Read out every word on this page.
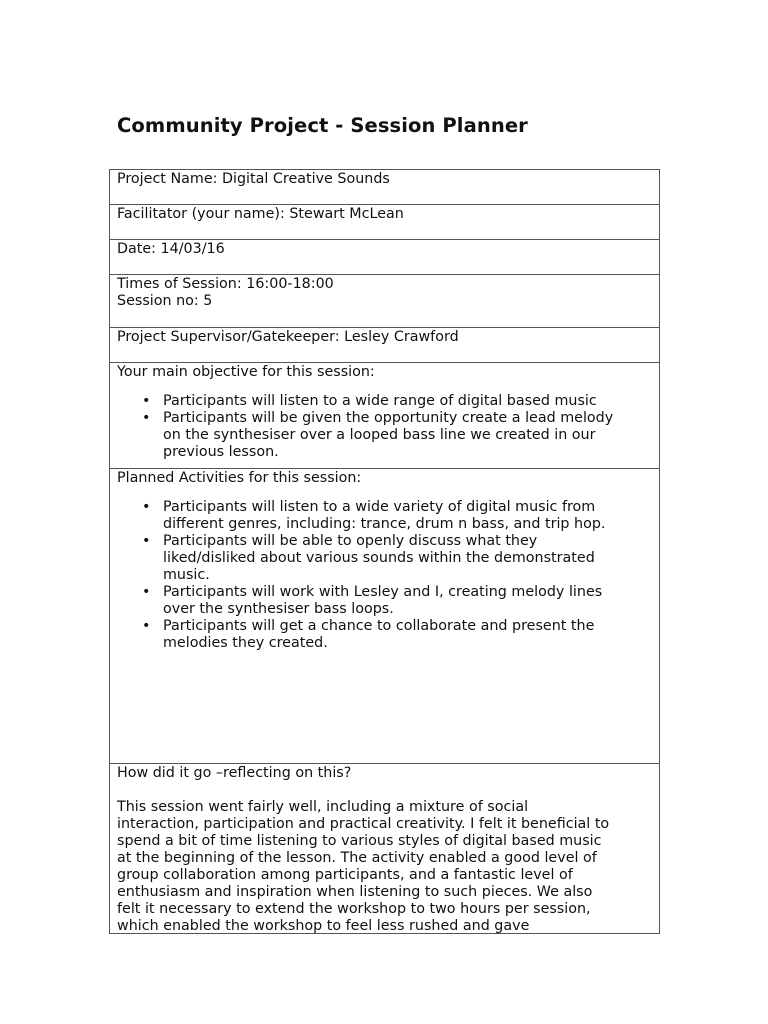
Community Project - Session Planner
Project Name: Digital Creative Sounds

Facilitator (your name): Stewart McLean

Date: 14/03/16

Times of Session: 16:00-18:00
Session no: 5

Project Supervisor/Gatekeeper: Lesley Crawford

Your main objective for this session:
• Participants will listen to a wide range of digital based music
• Participants will be given the opportunity create a lead melody
on the synthesiser over a looped bass line we created in our
previous lesson.

Planned Activities for this session:
• Participants will listen to a wide variety of digital music from
different genres, including: trance, drum n bass, and trip hop.
• Participants will be able to openly discuss what they
liked/disliked about various sounds within the demonstrated
music.
• Participants will work with Lesley and I, creating melody lines
over the synthesiser bass loops.
• Participants will get a chance to collaborate and present the
melodies they created.

How did it go –reflecting on this?
This session went fairly well, including a mixture of social
interaction, participation and practical creativity. I felt it beneficial to
spend a bit of time listening to various styles of digital based music
at the beginning of the lesson. The activity enabled a good level of
group collaboration among participants, and a fantastic level of
enthusiasm and inspiration when listening to such pieces. We also
felt it necessary to extend the workshop to two hours per session,
which enabled the workshop to feel less rushed and gave
